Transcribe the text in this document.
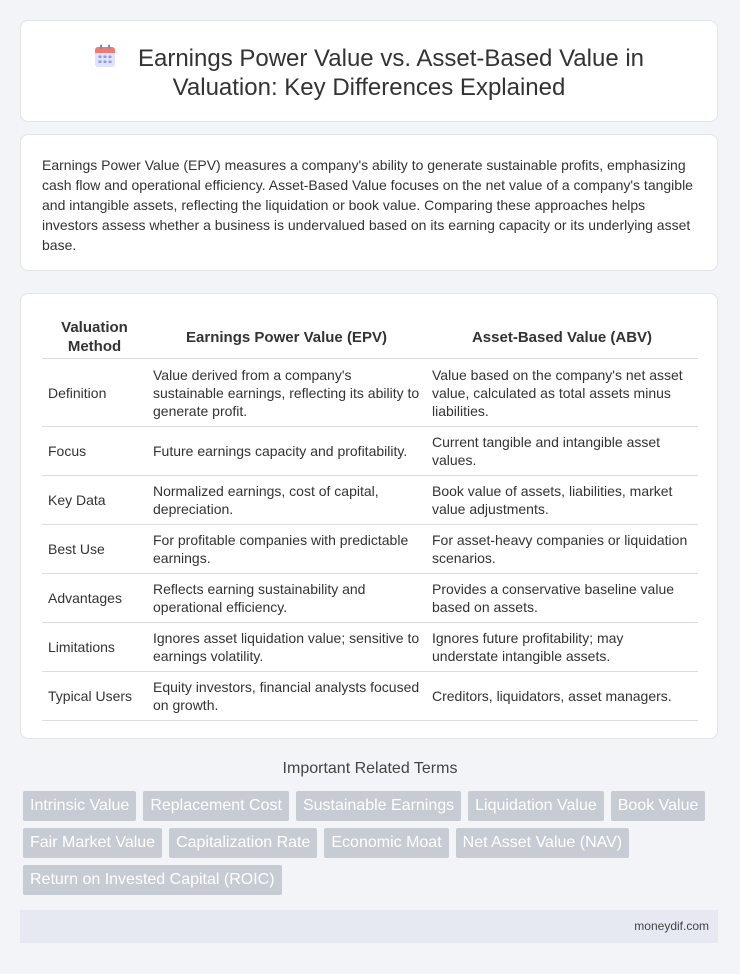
Earnings Power Value vs. Asset-Based Value in
Valuation: Key Differences Explained

Earnings Power Value (EPV) measures a company's ability to generate sustainable profits, emphasizing cash flow and operational efficiency. Asset-Based Value focuses on the net value of a company's tangible and intangible assets, reflecting the liquidation or book value. Comparing these approaches helps investors assess whether a business is undervalued based on its earning capacity or its underlying asset base.

Valuation Method	Earnings Power Value (EPV)	Asset-Based Value (ABV)
Definition	Value derived from a company's sustainable earnings, reflecting its ability to generate profit.	Value based on the company's net asset value, calculated as total assets minus liabilities.
Focus	Future earnings capacity and profitability.	Current tangible and intangible asset values.
Key Data	Normalized earnings, cost of capital, depreciation.	Book value of assets, liabilities, market value adjustments.
Best Use	For profitable companies with predictable earnings.	For asset-heavy companies or liquidation scenarios.
Advantages	Reflects earning sustainability and operational efficiency.	Provides a conservative baseline value based on assets.
Limitations	Ignores asset liquidation value; sensitive to earnings volatility.	Ignores future profitability; may understate intangible assets.
Typical Users	Equity investors, financial analysts focused on growth.	Creditors, liquidators, asset managers.
Important Related Terms
Intrinsic Value	Replacement Cost	Sustainable Earnings	Liquidation Value	Book Value
Fair Market Value	Capitalization Rate	Economic Moat	Net Asset Value (NAV)
Return on Invested Capital (ROIC)
moneydif.com
